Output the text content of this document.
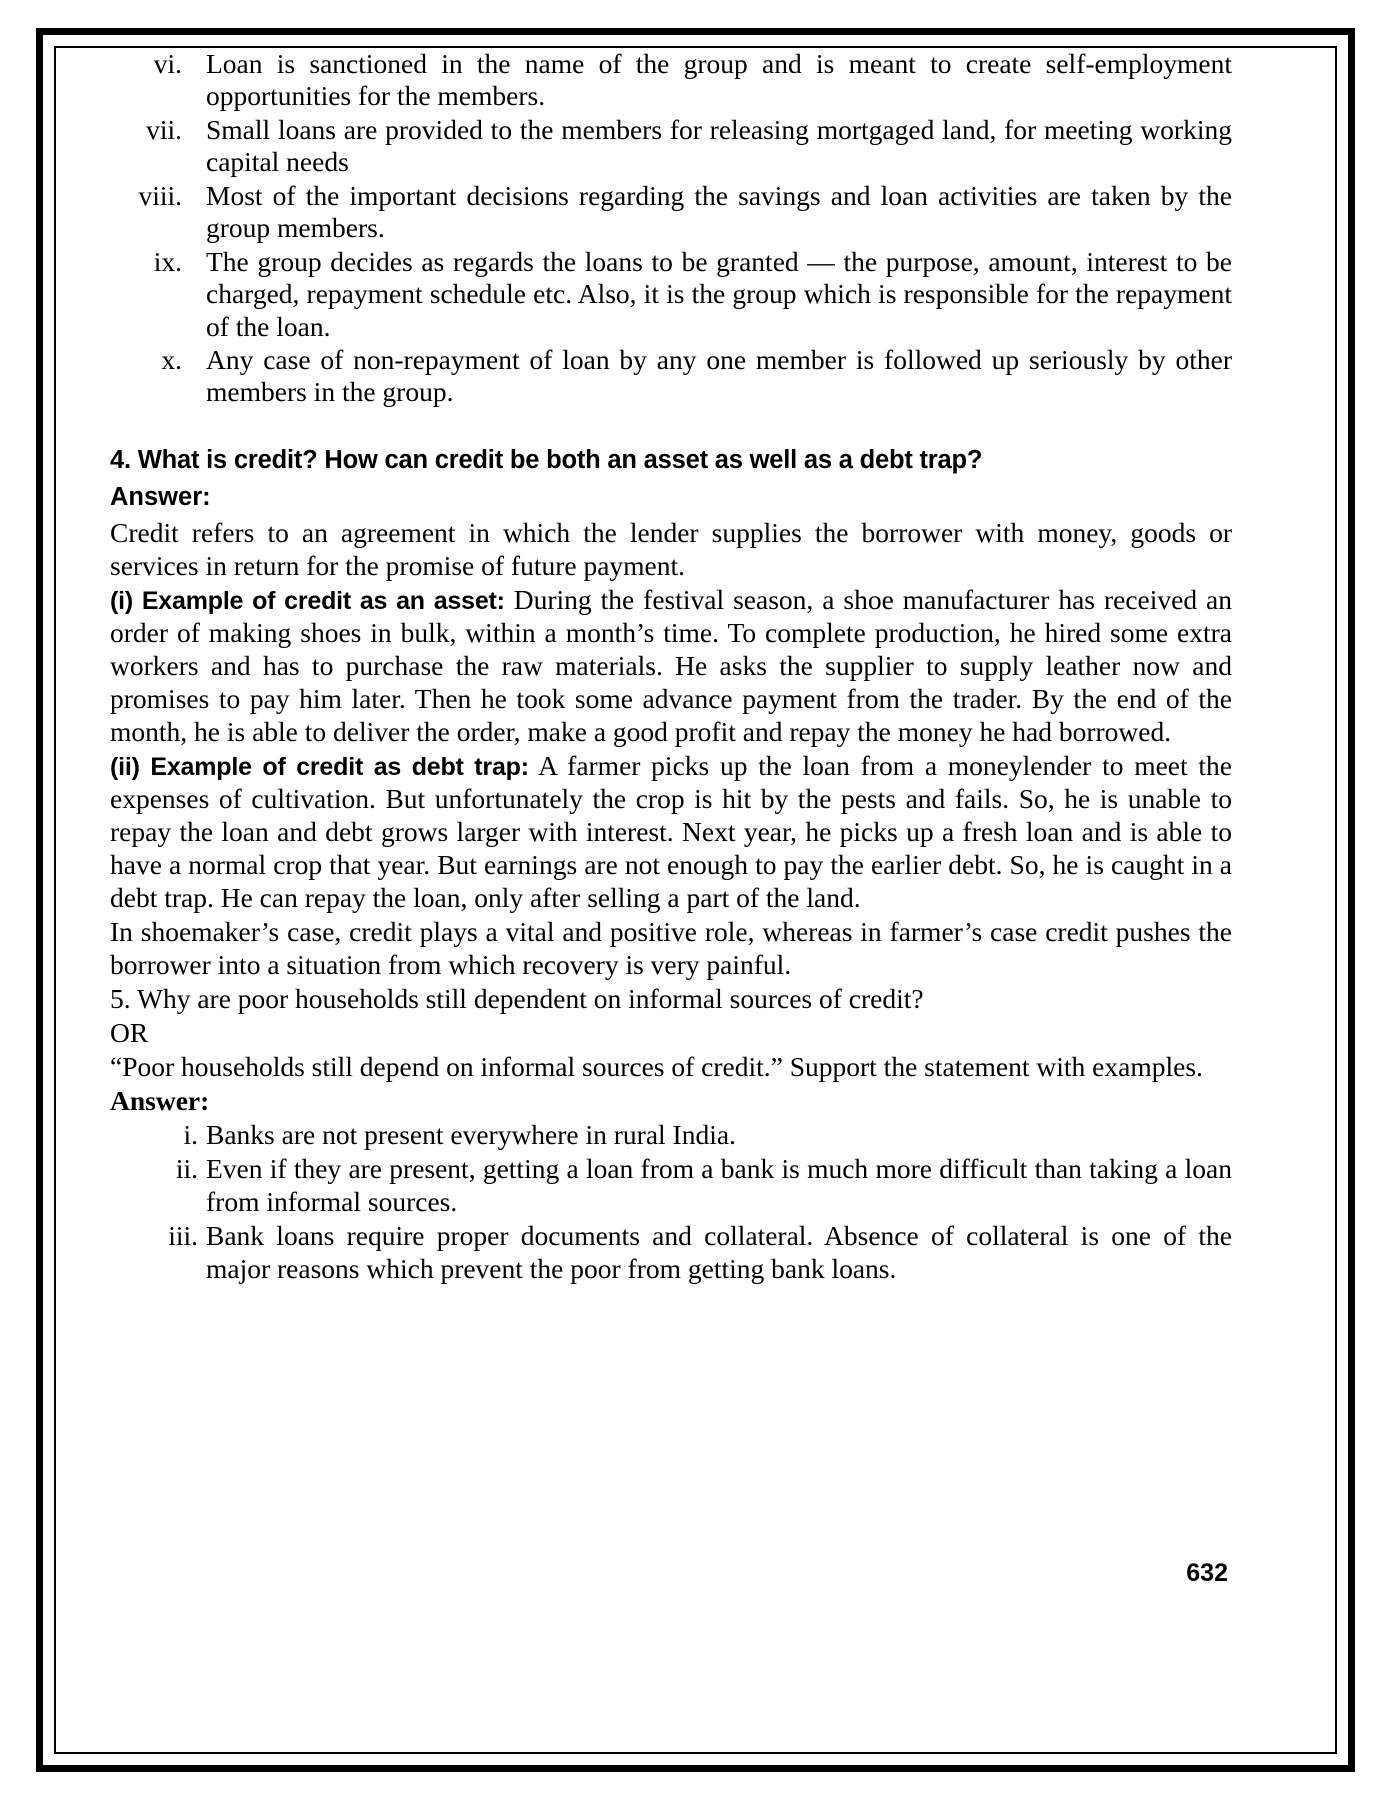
vi. Loan is sanctioned in the name of the group and is meant to create self-employment opportunities for the members.
vii. Small loans are provided to the members for releasing mortgaged land, for meeting working capital needs
viii. Most of the important decisions regarding the savings and loan activities are taken by the group members.
ix. The group decides as regards the loans to be granted — the purpose, amount, interest to be charged, repayment schedule etc. Also, it is the group which is responsible for the repayment of the loan.
x. Any case of non-repayment of loan by any one member is followed up seriously by other members in the group.
4. What is credit? How can credit be both an asset as well as a debt trap?
Answer:

Credit refers to an agreement in which the lender supplies the borrower with money, goods or services in return for the promise of future payment.

(i) Example of credit as an asset: During the festival season, a shoe manufacturer has received an order of making shoes in bulk, within a month’s time. To complete production, he hired some extra workers and has to purchase the raw materials. He asks the supplier to supply leather now and promises to pay him later. Then he took some advance payment from the trader. By the end of the month, he is able to deliver the order, make a good profit and repay the money he had borrowed.

(ii) Example of credit as debt trap: A farmer picks up the loan from a moneylender to meet the expenses of cultivation. But unfortunately the crop is hit by the pests and fails. So, he is unable to repay the loan and debt grows larger with interest. Next year, he picks up a fresh loan and is able to have a normal crop that year. But earnings are not enough to pay the earlier debt. So, he is caught in a debt trap. He can repay the loan, only after selling a part of the land.

In shoemaker’s case, credit plays a vital and positive role, whereas in farmer’s case credit pushes the borrower into a situation from which recovery is very painful.

5. Why are poor households still dependent on informal sources of credit?

OR

“Poor households still depend on informal sources of credit.” Support the statement with examples.

Answer:
i. Banks are not present everywhere in rural India.
ii. Even if they are present, getting a loan from a bank is much more difficult than taking a loan from informal sources.
iii. Bank loans require proper documents and collateral. Absence of collateral is one of the major reasons which prevent the poor from getting bank loans.
632
